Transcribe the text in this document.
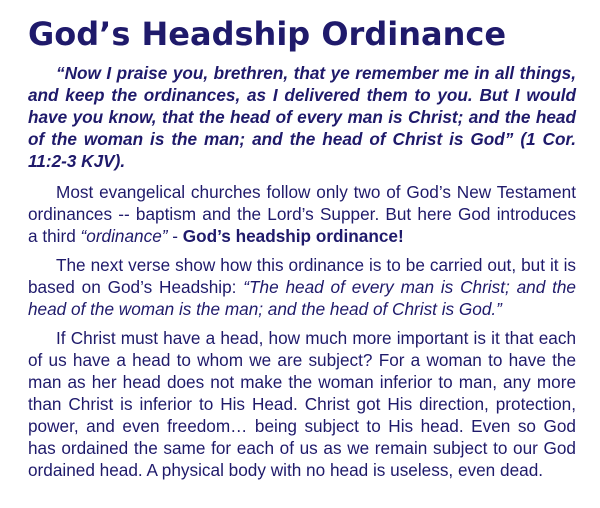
God’s Headship Ordinance

“Now I praise you, brethren, that ye remember me in all things, and keep the ordinances, as I delivered them to you. But I would have you know, that the head of every man is Christ; and the head of the woman is the man; and the head of Christ is God” (1 Cor. 11:2-3 KJV).

Most evangelical churches follow only two of God’s New Testament ordinances -- baptism and the Lord’s Supper. But here God introduces a third “ordinance” - God’s headship ordinance!

The next verse show how this ordinance is to be carried out, but it is based on God’s Headship: “The head of every man is Christ; and the head of the woman is the man; and the head of Christ is God.”

If Christ must have a head, how much more important is it that each of us have a head to whom we are subject? For a woman to have the man as her head does not make the woman inferior to man, any more than Christ is inferior to His Head. Christ got His direction, protection, power, and even freedom… being subject to His head. Even so God has ordained the same for each of us as we remain subject to our God ordained head. A physical body with no head is useless, even dead.
